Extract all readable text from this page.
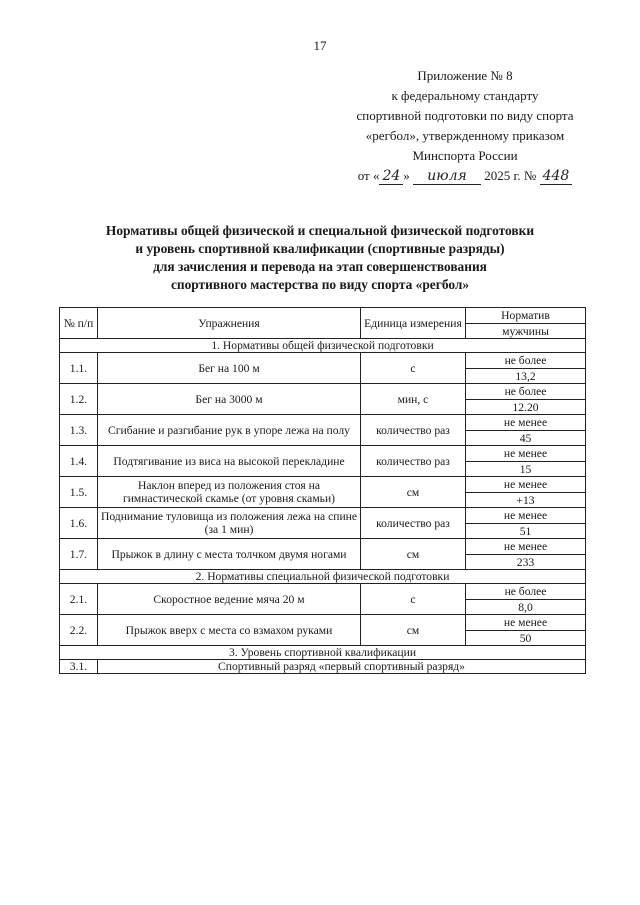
17
Приложение № 8
к федеральному стандарту
спортивной подготовки по виду спорта
«регбол», утвержденному приказом
Минспорта России
от « 24 » июля 2025 г. № 448
Нормативы общей физической и специальной физической подготовки
и уровень спортивной квалификации (спортивные разряды)
для зачисления и перевода на этап совершенствования
спортивного мастерства по виду спорта «регбол»
№ п/п	Упражнения	Единица измерения	Норматив
			мужчины
1. Нормативы общей физической подготовки			
1.1.	Бег на 100 м	с	не более
			13,2
1.2.	Бег на 3000 м	мин, с	не более
			12.20
1.3.	Сгибание и разгибание рук в упоре лежа на полу	количество раз	не менее
			45
1.4.	Подтягивание из виса на высокой перекладине	количество раз	не менее
			15
1.5.	Наклон вперед из положения стоя на гимнастической скамье (от уровня скамьи)	см	не менее
			+13
1.6.	Поднимание туловища из положения лежа на спине (за 1 мин)	количество раз	не менее
			51
1.7.	Прыжок в длину с места толчком двумя ногами	см	не менее
			233
2. Нормативы специальной физической подготовки			
2.1.	Скоростное ведение мяча 20 м	с	не более
			8,0
2.2.	Прыжок вверх с места со взмахом руками	см	не менее
			50
3. Уровень спортивной квалификации			
3.1.	Спортивный разряд «первый спортивный разряд»		
